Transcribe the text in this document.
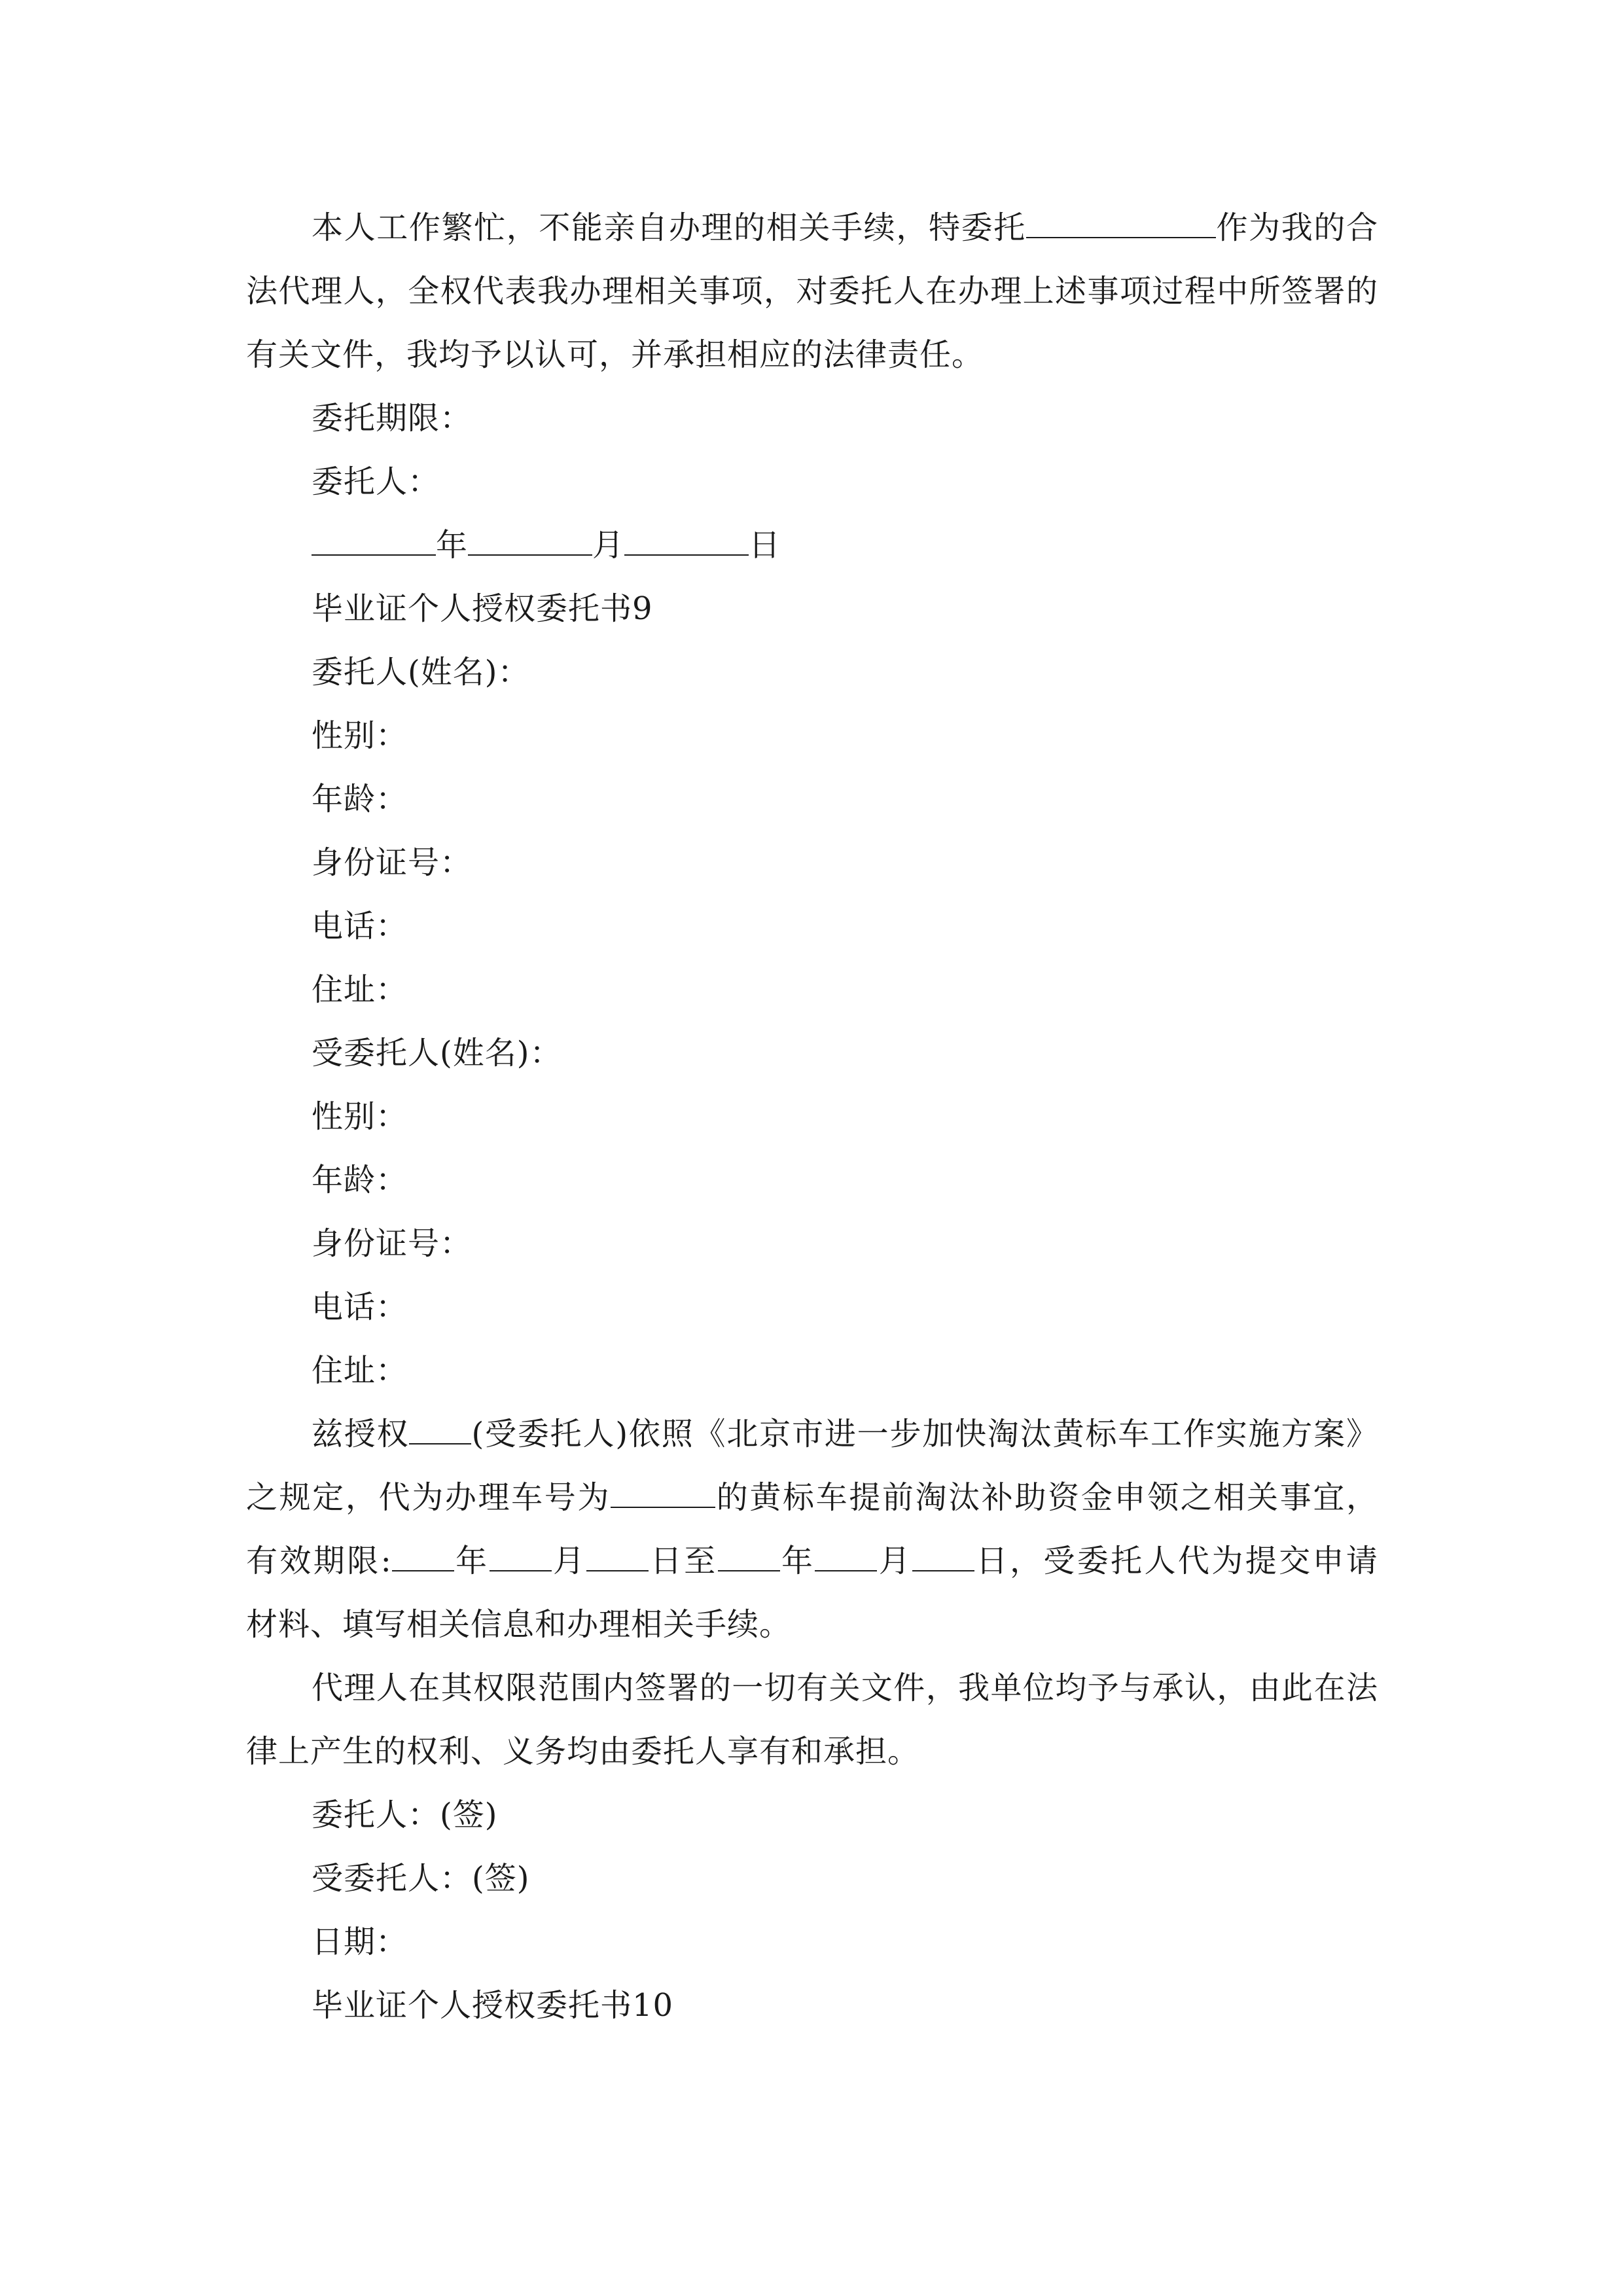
本人工作繁忙，不能亲自办理的相关手续，特委托	作为我的合
法代理人，全权代表我办理相关事项，对委托人在办理上述事项过程中所签署的
有关文件，我均予以认可，并承担相应的法律责任。
委托期限：
委托人：
年	月	日
毕业证个人授权委托书9
委托人(姓名)：
性别：
年龄：
身份证号：
电话：
住址：
受委托人(姓名)：
性别：
年龄：
身份证号：
电话：
住址：
兹授权 (受委托人)依照《北京市进一步加快淘汰黄标车工作实施方案》
之规定，代为办理车号为	的黄标车提前淘汰补助资金申领之相关事宜，
有效期限: 年 月 日至 年 月 日，受委托人代为提交申请
材料、填写相关信息和办理相关手续。
代理人在其权限范围内签署的一切有关文件，我单位均予与承认，由此在法
律上产生的权利、义务均由委托人享有和承担。
委托人：(签)
受委托人：(签)
日期：
毕业证个人授权委托书10
